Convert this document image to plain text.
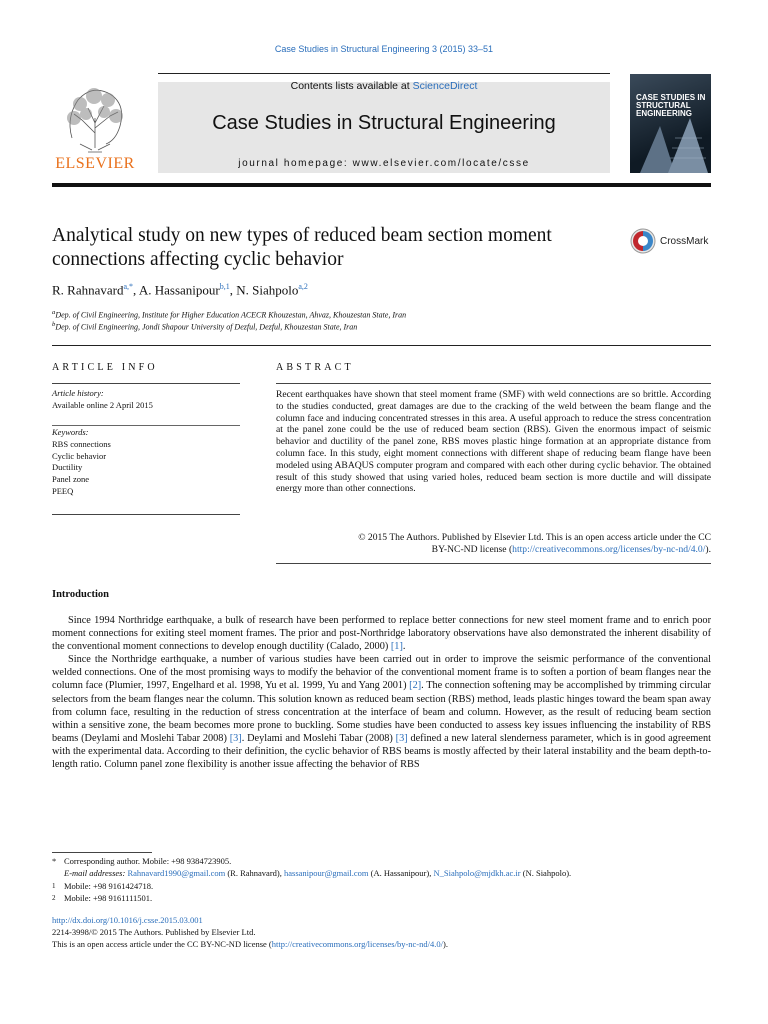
Case Studies in Structural Engineering 3 (2015) 33–51
Contents lists available at ScienceDirect
Case Studies in Structural Engineering
journal homepage: www.elsevier.com/locate/csse
ELSEVIER
CASE STUDIES IN STRUCTURAL ENGINEERING
Analytical study on new types of reduced beam section moment connections affecting cyclic behavior
CrossMark
R. Rahnavard$^{a,*}$, A. Hassanipour$^{b,1}$, N. Siahpolo$^{a,2}$
$^a$Dep. of Civil Engineering, Institute for Higher Education ACECR Khouzestan, Ahvaz, Khouzestan State, Iran
$^b$Dep. of Civil Engineering, Jondi Shapour University of Dezful, Dezful, Khouzestan State, Iran
ARTICLE INFO	ABSTRACT
Article history:
Available online 2 April 2015
Keywords:
RBS connections
Cyclic behavior
Ductility
Panel zone
PEEQ
Recent earthquakes have shown that steel moment frame (SMF) with weld connections are so brittle. According to the studies conducted, great damages are due to the cracking of the weld between the beam flange and the column face and inducing concentrated stresses in this area. A useful approach to reduce the stress concentration at the panel zone could be the use of reduced beam section (RBS). Given the enormous impact of seismic behavior and ductility of the panel zone, RBS moves plastic hinge formation at an appropriate distance from column face. In this study, eight moment connections with different shape of reducing beam flange have been modeled using ABAQUS computer program and compared with each other during cyclic behavior. The obtained result of this study showed that using varied holes, reduced beam section is more ductile and will dissipate energy more than other connections.
© 2015 The Authors. Published by Elsevier Ltd. This is an open access article under the CC
BY-NC-ND license (http://creativecommons.org/licenses/by-nc-nd/4.0/).
Introduction

Since 1994 Northridge earthquake, a bulk of research have been performed to replace better connections for new steel moment frame and to enrich poor moment connections for exiting steel moment frames. The prior and post-Northridge laboratory observations have also demonstrated the inherent disability of the conventional moment connections to develop enough ductility (Calado, 2000) [1].

Since the Northridge earthquake, a number of various studies have been carried out in order to improve the seismic performance of the conventional welded connections. One of the most promising ways to modify the behavior of the conventional moment frame is to soften a portion of beam flanges near the column face (Plumier, 1997, Engelhard et al. 1998, Yu et al. 1999, Yu and Yang 2001) [2]. The connection softening may be accomplished by trimming circular selectors from the beam flanges near the column. This solution known as reduced beam section (RBS) method, leads plastic hinges toward the beam span away from column face, resulting in the reduction of stress concentration at the interface of beam and column. However, as the result of reducing beam section within a sensitive zone, the beam becomes more prone to buckling. Some studies have been conducted to assess key issues influencing the instability of RBS beams (Deylami and Moslehi Tabar 2008) [3]. Deylami and Moslehi Tabar (2008) [3] defined a new lateral slenderness parameter, which is in good agreement with the experimental data. According to their definition, the cyclic behavior of RBS beams is mostly affected by their lateral instability and the beam depth-to-length ratio. Column panel zone flexibility is another issue affecting the behavior of RBS

* Corresponding author. Mobile: +98 9384723905.
E-mail addresses: Rahnavard1990@gmail.com (R. Rahnavard), hassanipour@gmail.com (A. Hassanipour), N_Siahpolo@mjdkh.ac.ir (N. Siahpolo).
1 Mobile: +98 9161424718.
2 Mobile: +98 9161111501.
http://dx.doi.org/10.1016/j.csse.2015.03.001
2214-3998/© 2015 The Authors. Published by Elsevier Ltd.
This is an open access article under the CC BY-NC-ND license (http://creativecommons.org/licenses/by-nc-nd/4.0/).
